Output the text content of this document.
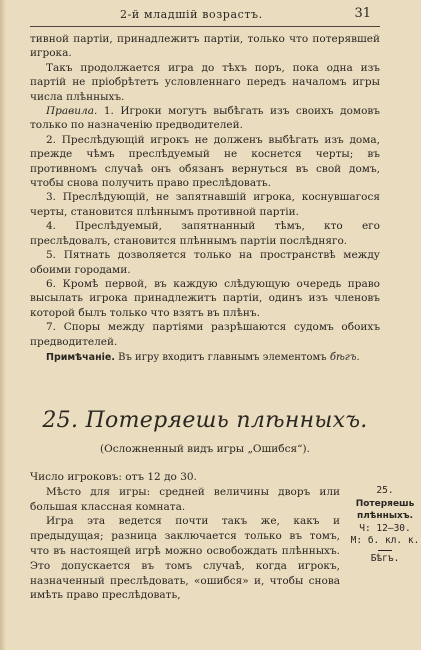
2-й младшій возрастъ.	31

тивной партіи, принадлежитъ партіи, только что потерявшей игрока.

Такъ продолжается игра до тѣхъ поръ, пока одна изъ партій не пріобрѣтетъ условленнаго передъ началомъ игры числа плѣнныхъ.

Правила. 1. Игроки могутъ выбѣгать изъ своихъ домовъ только по назначенію предводителей.

2. Преслѣдующій игрокъ не долженъ выбѣгать изъ дома, прежде чѣмъ преслѣдуемый не коснется черты; въ противномъ случаѣ онъ обязанъ вернуться въ свой домъ, чтобы снова получить право преслѣдовать.

3. Преслѣдующій, не запятнавшій игрока, коснувшагося черты, становится плѣннымъ противной партіи.

4. Преслѣдуемый, запятнанный тѣмъ, кто его преслѣдовалъ, становится плѣннымъ партіи послѣдняго.

5. Пятнать дозволяется только на пространствѣ между обоими городами.

6. Кромѣ первой, въ каждую слѣдующую очередь право высылать игрока принадлежитъ партіи, одинъ изъ членовъ которой былъ только что взятъ въ плѣнъ.

7. Споры между партіями разрѣшаются судомъ обоихъ предводителей.

Примѣчаніе. Въ игру входитъ главнымъ элементомъ бѣгъ.

25. Потеряешь плѣнныхъ.
(Осложненный видъ игры „Ошибся“).

Число игроковъ: отъ 12 до 30.

Мѣсто для игры: средней величины дворъ или большая классная комната.

Игра эта ведется почти такъ же, какъ и предыдущая; разница заключается только въ томъ, что въ настоящей игрѣ можно освобождать плѣнныхъ. Это допускается въ томъ случаѣ, когда игрокъ, назначенный преслѣдовать, «ошибся» и, чтобы снова имѣть право преслѣдовать,

25.
Потеряешь плѣнныхъ.
Ч: 12—30.
М: б. кл. к.
Бѣгъ.
